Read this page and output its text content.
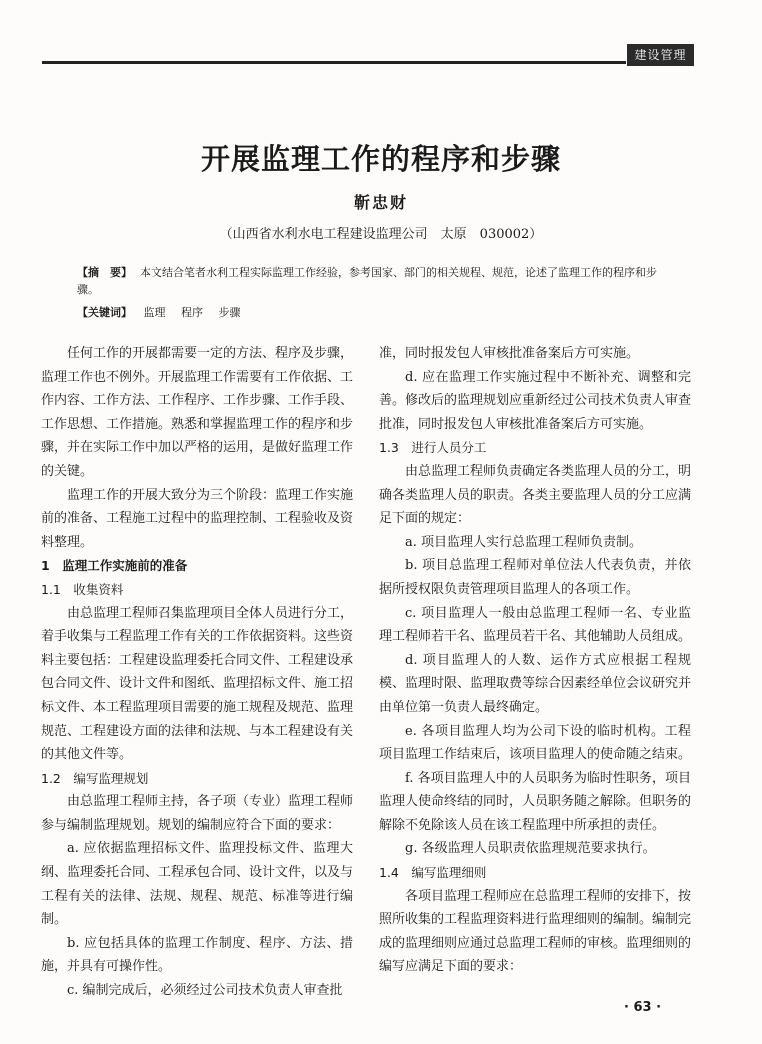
建设管理
开展监理工作的程序和步骤
靳忠财
（山西省水利水电工程建设监理公司　太原　030002）
【摘　要】 本文结合笔者水利工程实际监理工作经验，参考国家、部门的相关规程、规范，论述了监理工作的程序和步骤。
【关键词】 监理 程序 步骤

任何工作的开展都需要一定的方法、程序及步骤，监理工作也不例外。开展监理工作需要有工作依据、工作内容、工作方法、工作程序、工作步骤、工作手段、工作思想、工作措施。熟悉和掌握监理工作的程序和步骤，并在实际工作中加以严格的运用，是做好监理工作的关键。

监理工作的开展大致分为三个阶段：监理工作实施前的准备、工程施工过程中的监理控制、工程验收及资料整理。

1　监理工作实施前的准备

1.1　收集资料

由总监理工程师召集监理项目全体人员进行分工，着手收集与工程监理工作有关的工作依据资料。这些资料主要包括：工程建设监理委托合同文件、工程建设承包合同文件、设计文件和图纸、监理招标文件、施工招标文件、本工程监理项目需要的施工规程及规范、监理规范、工程建设方面的法律和法规、与本工程建设有关的其他文件等。

1.2　编写监理规划

由总监理工程师主持，各子项（专业）监理工程师参与编制监理规划。规划的编制应符合下面的要求：

a. 应依据监理招标文件、监理投标文件、监理大纲、监理委托合同、工程承包合同、设计文件，以及与工程有关的法律、法规、规程、规范、标准等进行编制。

b. 应包括具体的监理工作制度、程序、方法、措施，并具有可操作性。

c. 编制完成后，必须经过公司技术负责人审查批

准，同时报发包人审核批准备案后方可实施。

d. 应在监理工作实施过程中不断补充、调整和完善。修改后的监理规划应重新经过公司技术负责人审查批准，同时报发包人审核批准备案后方可实施。

1.3　进行人员分工

由总监理工程师负责确定各类监理人员的分工，明确各类监理人员的职责。各类主要监理人员的分工应满足下面的规定：

a. 项目监理人实行总监理工程师负责制。

b. 项目总监理工程师对单位法人代表负责，并依据所授权限负责管理项目监理人的各项工作。

c. 项目监理人一般由总监理工程师一名、专业监理工程师若干名、监理员若干名、其他辅助人员组成。

d. 项目监理人的人数、运作方式应根据工程规模、监理时限、监理取费等综合因素经单位会议研究并由单位第一负责人最终确定。

e. 各项目监理人均为公司下设的临时机构。工程项目监理工作结束后，该项目监理人的使命随之结束。

f. 各项目监理人中的人员职务为临时性职务，项目监理人使命终结的同时，人员职务随之解除。但职务的解除不免除该人员在该工程监理中所承担的责任。

g. 各级监理人员职责依监理规范要求执行。

1.4　编写监理细则

各项目监理工程师应在总监理工程师的安排下，按照所收集的工程监理资料进行监理细则的编制。编制完成的监理细则应通过总监理工程师的审核。监理细则的编写应满足下面的要求：

· 63 ·
